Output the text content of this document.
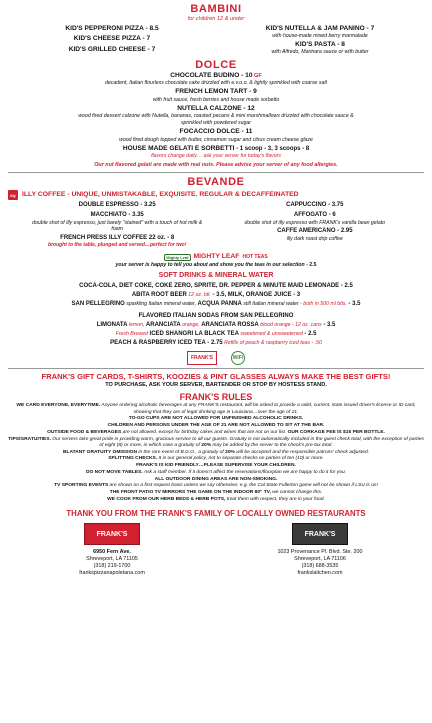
BAMBINI
for children 12 & under
KID'S PEPPERONI PIZZA - 8.5
KID'S CHEESE PIZZA - 7
KID'S GRILLED CHEESE - 7
KID'S NUTELLA & JAM PANINO - 7
with house-made mixed berry marmalade
KID'S PASTA - 8
with Alfredo, Marinara sauce or with butter
DOLCE
CHOCOLATE BUDINO - 10 GF
decadent, Italian flourless chocolate cake drizzled with e.v.o.o. & lightly sprinkled with coarse salt
FRENCH LEMON TART - 9
with fruit sauce, fresh berries and house made sorbetto
NUTELLA CALZONE - 12
wood fired dessert calzone with Nutella, bananas, roasted pecans & mini marshmallows drizzled with chocolate sauce & sprinkled with powdered sugar
FOCACCIO DOLCE - 11
wood fired dough topped with butter, cinnamon sugar and citrus cream cheese glaze
HOUSE MADE GELATI E SORBETTI - 1 scoop - 3, 3 scoops - 8
flavors change daily… ask your server for today's flavors
Our nut flavored gelati are made with real nuts. Please advise your server of any food allergies.
BEVANDE
illy ILLY COFFEE - UNIQUE, UNMISTAKABLE, EXQUISITE. REGULAR & DECAFFEINATED
DOUBLE ESPRESSO - 3.25
MACCHIATO - 3.35
double shot of illy espresso, just barely "stained" with a touch of hot milk & foam
FRENCH PRESS ILLY COFFEE 22 oz. - 8
brought to the table, plunged and served…perfect for two!
CAPPUCCINO - 3.75
AFFOGATO - 6
double shot of illy espresso with FRANK's vanilla bean gelato
CAFFE AMERICANO - 2.95
illy dark roast drip coffee
Mighty Leaf MIGHTY LEAF HOT TEAS
your server is happy to tell you about and show you the teas in our selection - 2.5
SOFT DRINKS & MINERAL WATER
COCA-COLA, DIET COKE, COKE ZERO, SPRITE, DR. PEPPER & MINUTE MAID LEMONADE - 2.5
ABITA ROOT BEER 12 oz. btl. - 3.5, MILK, ORANGE JUICE - 3
SAN PELLEGRINO sparkling Italian mineral water, ACQUA PANNA still Italian mineral water - both in 500 ml btls. - 3.5
FLAVORED ITALIAN SODAS FROM SAN PELLEGRINO
LIMONATA lemon, ARANCIATA orange, ARANCIATA ROSSA blood orange - 12 oz. cans - 3.5
Fresh Brewed ICED SHANGRI LA BLACK TEA sweetened & unsweetened - 2.5
PEACH & RASPBERRY ICED TEA - 2.75 Refills of peach & raspberry iced teas - .50
FRANK'S	WiFi
FRANK'S GIFT CARDS, T-SHIRTS, KOOZIES & PINT GLASSES ALWAYS MAKE THE BEST GIFTS!
TO PURCHASE, ASK YOUR SERVER, BARTENDER OR STOP BY HOSTESS STAND.
FRANK'S RULES

WE CARD EVERYONE, EVERYTIME. Anyone ordering alcoholic beverages at any FRANK'S restaurant, will be asked to provide a valid, current, state issued driver's license or ID card, showing that they are of legal drinking age in Louisiana…over the age of 21.

TO-GO CUPS ARE NOT ALLOWED FOR UNFINISHED ALCOHOLIC DRINKS.

CHILDREN AND PERSONS UNDER THE AGE OF 21 ARE NOT ALLOWED TO SIT AT THE BAR.

OUTSIDE FOOD & BEVERAGES are not allowed, except for birthday cakes and wines that are not on our list. OUR CORKAGE FEE IS $15 PER BOTTLE.

TIPS/GRATUITIES. Our servers take great pride in providing warm, gracious service to all our guests. Gratuity is not automatically included in the guest check total, with the exception of parties of eight (8) or more, in which case a gratuity of 20% may be added by the server to the check's pre-tax total.

BLATANT GRATUITY OMISSION in the rare event of B.G.O., a gratuity of 20% will be accepted and the responsible patrons' check adjusted.

SPLITTING CHECKS. It is our general policy, not to separate checks on parties of ten (10) or more.

FRANK'S IS KID FRIENDLY…PLEASE SUPERVISE YOUR CHILDREN.

DO NOT MOVE TABLES. Ask a staff member. If it doesn't affect the reservations/floorplan we are happy to do it for you.

ALL OUTDOOR DINING AREAS ARE NON-SMOKING.

TV SPORTING EVENTS are shown on a first request basis unless we say otherwise; e.g. the Cal State Fullerton game will not be shown if LSU is on!

THE FRONT PATIO TV MIRRORS THE GAME ON THE INDOOR 80" TV, we cannot change this.

WE COOK FROM OUR HERB BEDS & HERB POTS, treat them with respect, they are in your food.

THANK YOU FROM THE FRANK'S FAMILY OF LOCALLY OWNED RESTAURANTS
FRANK'S
6950 Fern Ave.
Shreveport, LA 71105
(318) 219-1700
frankspizzanapoletana.com
FRANK'S
1023 Provenance Pl. Blvd. Ste. 200
Shreveport, LA 71106
(318) 688-3535
frankslaitchen.com
